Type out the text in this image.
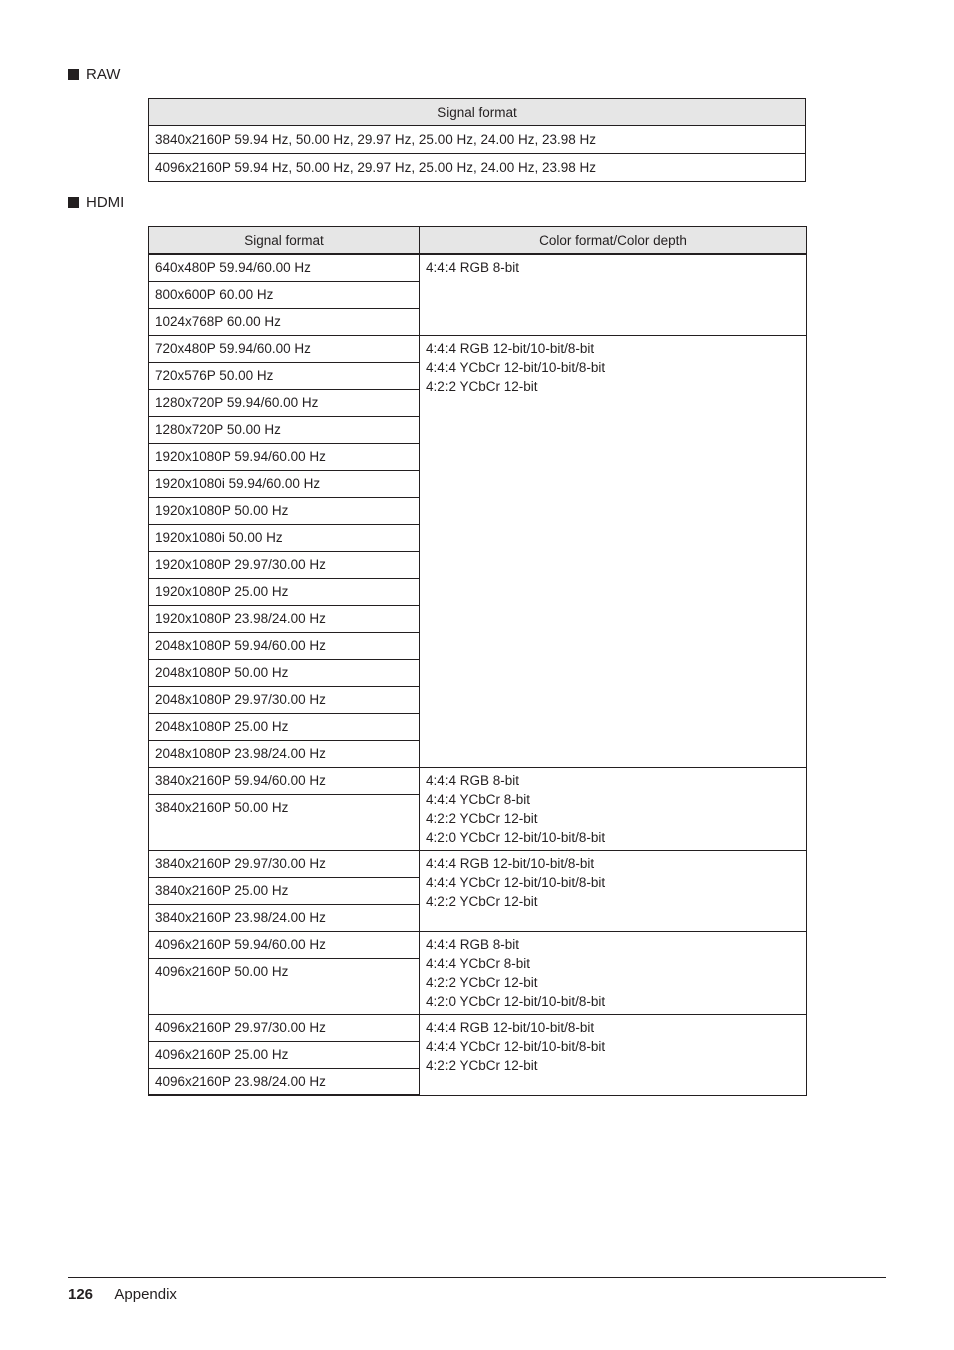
RAW
Signal format
3840x2160P 59.94 Hz, 50.00 Hz, 29.97 Hz, 25.00 Hz, 24.00 Hz, 23.98 Hz
4096x2160P 59.94 Hz, 50.00 Hz, 29.97 Hz, 25.00 Hz, 24.00 Hz, 23.98 Hz
HDMI
Signal format	Color format/Color depth
640x480P 59.94/60.00 Hz	4:4:4 RGB 8-bit

800x600P 60.00 Hz	
1024x768P 60.00 Hz	
720x480P 59.94/60.00 Hz	4:4:4 RGB 12-bit/10-bit/8-bit
4:4:4 YCbCr 12-bit/10-bit/8-bit
4:2:2 YCbCr 12-bit

720x576P 50.00 Hz	
1280x720P 59.94/60.00 Hz	
1280x720P 50.00 Hz	
1920x1080P 59.94/60.00 Hz	
1920x1080i 59.94/60.00 Hz	
1920x1080P 50.00 Hz	
1920x1080i 50.00 Hz	
1920x1080P 29.97/30.00 Hz	
1920x1080P 25.00 Hz	
1920x1080P 23.98/24.00 Hz	
2048x1080P 59.94/60.00 Hz	
2048x1080P 50.00 Hz	
2048x1080P 29.97/30.00 Hz	
2048x1080P 25.00 Hz	
2048x1080P 23.98/24.00 Hz	
3840x2160P 59.94/60.00 Hz	4:4:4 RGB 8-bit
4:4:4 YCbCr 8-bit
4:2:2 YCbCr 12-bit
4:2:0 YCbCr 12-bit/10-bit/8-bit

3840x2160P 50.00 Hz	
3840x2160P 29.97/30.00 Hz	4:4:4 RGB 12-bit/10-bit/8-bit
4:4:4 YCbCr 12-bit/10-bit/8-bit
4:2:2 YCbCr 12-bit

3840x2160P 25.00 Hz	
3840x2160P 23.98/24.00 Hz	
4096x2160P 59.94/60.00 Hz	4:4:4 RGB 8-bit
4:4:4 YCbCr 8-bit
4:2:2 YCbCr 12-bit
4:2:0 YCbCr 12-bit/10-bit/8-bit

4096x2160P 50.00 Hz	
4096x2160P 29.97/30.00 Hz	4:4:4 RGB 12-bit/10-bit/8-bit
4:4:4 YCbCr 12-bit/10-bit/8-bit
4:2:2 YCbCr 12-bit

4096x2160P 25.00 Hz	
4096x2160P 23.98/24.00 Hz	
126 Appendix
